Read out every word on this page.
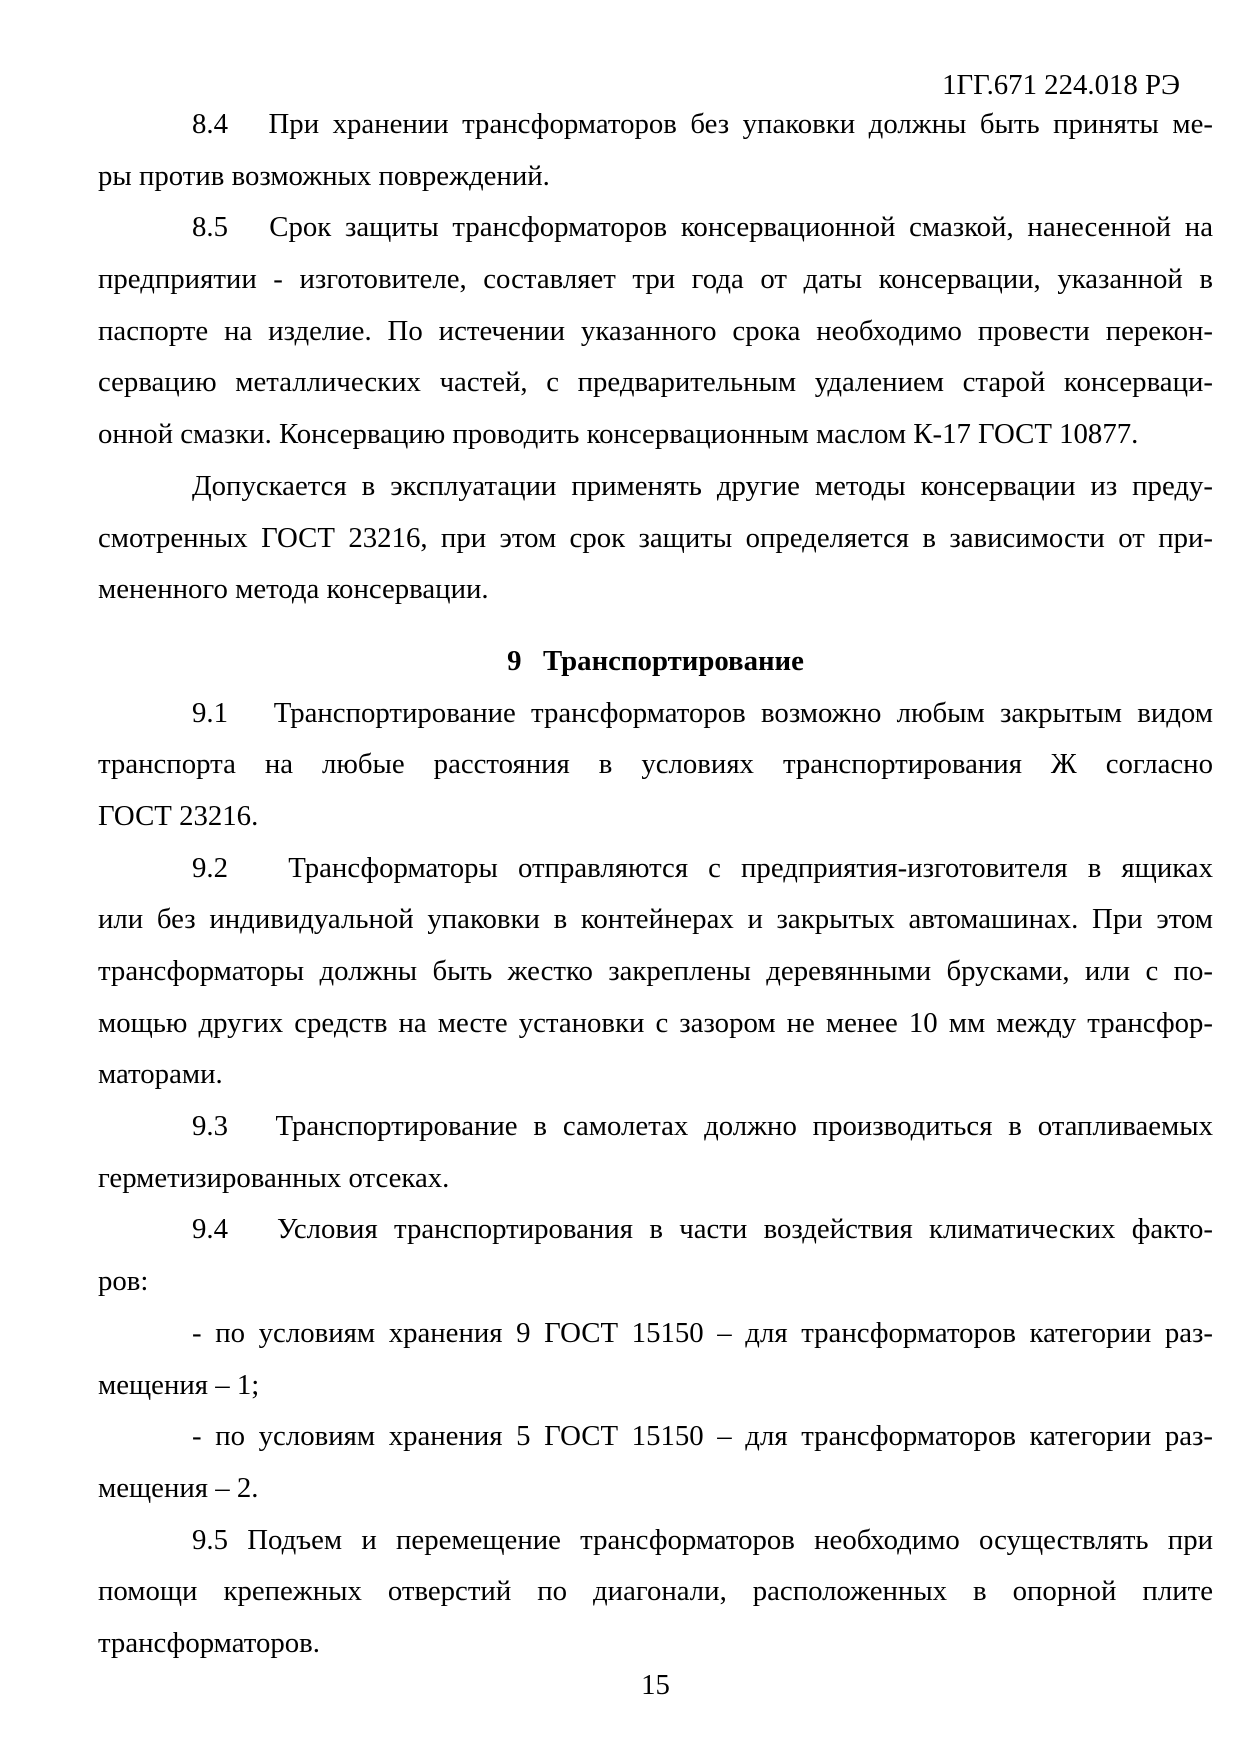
1ГГ.671 224.018 РЭ
8.4   При хранении трансформаторов без упаковки должны быть приняты ме-
ры против возможных повреждений.
8.5   Срок защиты трансформаторов консервационной смазкой, нанесенной на
предприятии - изготовителе, составляет три года от даты консервации, указанной в
паспорте на изделие. По истечении указанного срока необходимо провести перекон-
сервацию металлических частей, с предварительным удалением старой консерваци-
онной смазки. Консервацию проводить консервационным маслом К-17 ГОСТ 10877.
Допускается в эксплуатации применять другие методы консервации из преду-
смотренных ГОСТ 23216, при этом срок защиты определяется в зависимости от при-
мененного метода консервации.
9   Транспортирование
9.1   Транспортирование трансформаторов возможно любым закрытым видом
транспорта на любые расстояния в условиях транспортирования Ж согласно
ГОСТ 23216.
9.2   Трансформаторы отправляются с предприятия-изготовителя в ящиках
или без индивидуальной упаковки в контейнерах и закрытых автомашинах. При этом
трансформаторы должны быть жестко закреплены деревянными брусками, или с по-
мощью других средств на месте установки с зазором не менее 10 мм между трансфор-
маторами.
9.3   Транспортирование в самолетах должно производиться в отапливаемых
герметизированных отсеках.
9.4   Условия транспортирования в части воздействия климатических факто-
ров:
- по условиям хранения 9 ГОСТ 15150 – для трансформаторов категории раз-
мещения – 1;
- по условиям хранения 5 ГОСТ 15150 – для трансформаторов категории раз-
мещения – 2.
9.5 Подъем и перемещение трансформаторов необходимо осуществлять при
помощи крепежных отверстий по диагонали, расположенных в опорной плите
трансформаторов.
15
